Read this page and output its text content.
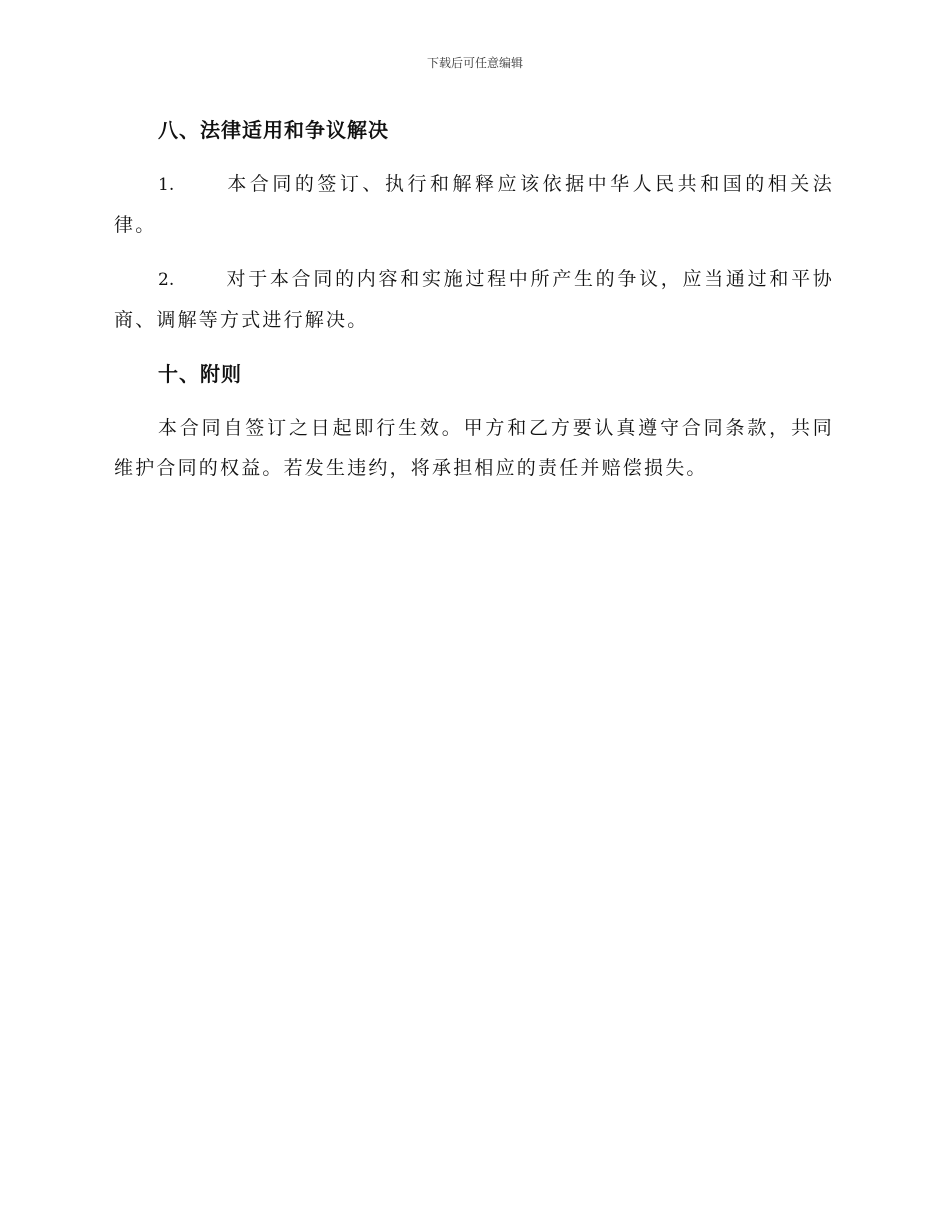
下载后可任意编辑
八、法律适用和争议解决
1.	本合同的签订、执行和解释应该依据中华人民共和国的相关法律。
2.	对于本合同的内容和实施过程中所产生的争议，应当通过和平协商、调解等方式进行解决。
十、附则
本合同自签订之日起即行生效。甲方和乙方要认真遵守合同条款，共同维护合同的权益。若发生违约，将承担相应的责任并赔偿损失。
